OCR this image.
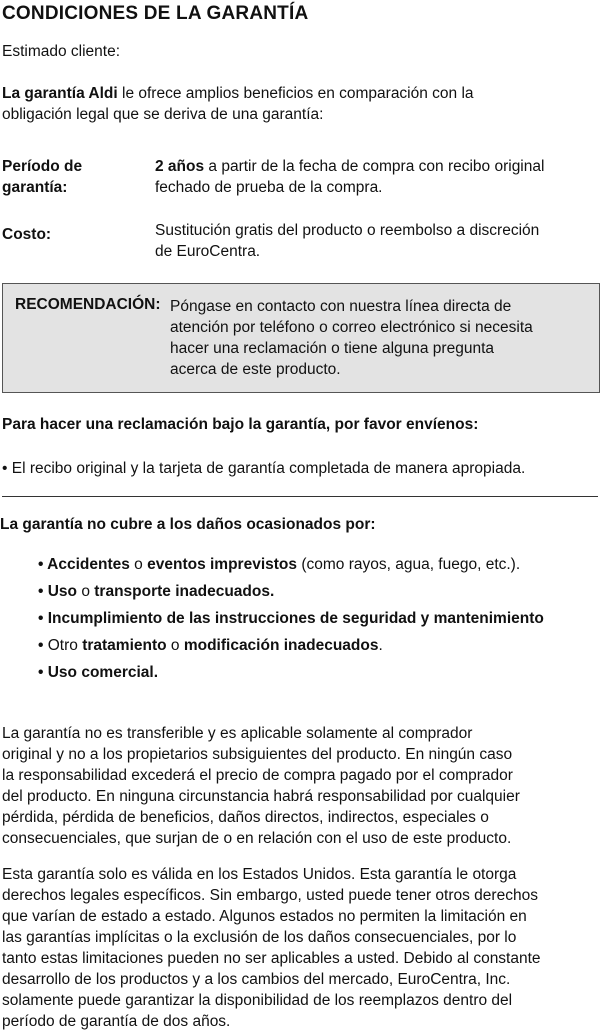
CONDICIONES DE LA GARANTÍA
Estimado cliente:
La garantía Aldi le ofrece amplios beneficios en comparación con la
obligación legal que se deriva de una garantía:
Período de
garantía:
2 años a partir de la fecha de compra con recibo original
fechado de prueba de la compra.
Costo:	Sustitución gratis del producto o reembolso a discreción
de EuroCentra.
RECOMENDACIÓN: Póngase en contacto con nuestra línea directa de
atención por teléfono o correo electrónico si necesita
hacer una reclamación o tiene alguna pregunta
acerca de este producto.
Para hacer una reclamación bajo la garantía, por favor envíenos:
• El recibo original y la tarjeta de garantía completada de manera apropiada.
La garantía no cubre a los daños ocasionados por:
• Accidentes o eventos imprevistos (como rayos, agua, fuego, etc.).
• Uso o transporte inadecuados.
• Incumplimiento de las instrucciones de seguridad y mantenimiento
• Otro tratamiento o modificación inadecuados.
• Uso comercial.
La garantía no es transferible y es aplicable solamente al comprador
original y no a los propietarios subsiguientes del producto. En ningún caso
la responsabilidad excederá el precio de compra pagado por el comprador
del producto. En ninguna circunstancia habrá responsabilidad por cualquier
pérdida, pérdida de beneficios, daños directos, indirectos, especiales o
consecuenciales, que surjan de o en relación con el uso de este producto.
Esta garantía solo es válida en los Estados Unidos. Esta garantía le otorga
derechos legales específicos. Sin embargo, usted puede tener otros derechos
que varían de estado a estado. Algunos estados no permiten la limitación en
las garantías implícitas o la exclusión de los daños consecuenciales, por lo
tanto estas limitaciones pueden no ser aplicables a usted. Debido al constante
desarrollo de los productos y a los cambios del mercado, EuroCentra, Inc.
solamente puede garantizar la disponibilidad de los reemplazos dentro del
período de garantía de dos años.
